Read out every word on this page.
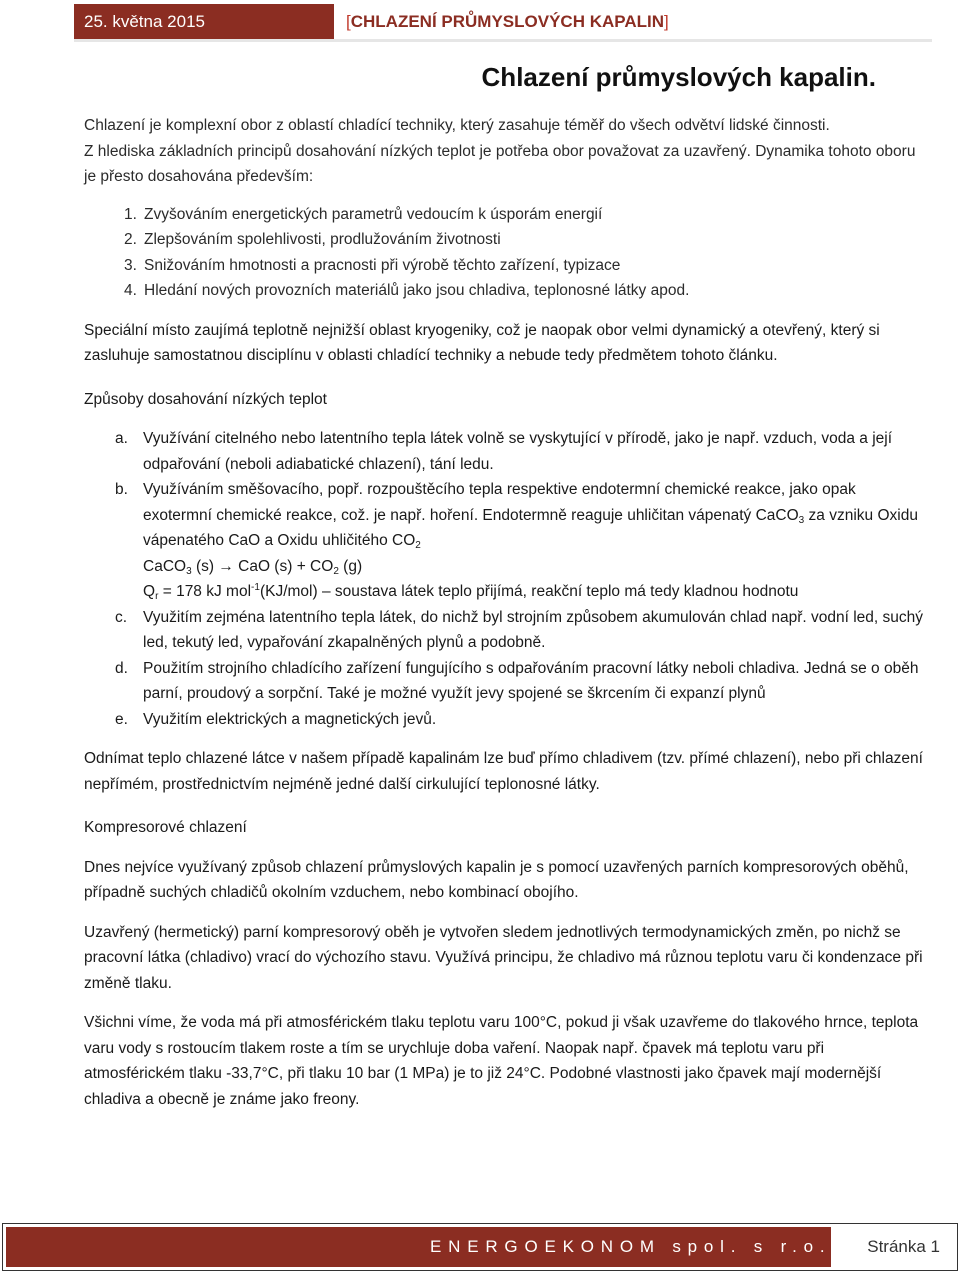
25. května 2015	[CHLAZENÍ PRŮMYSLOVÝCH KAPALIN]
Chlazení průmyslových kapalin.

Chlazení je komplexní obor z oblastí chladící techniky, který zasahuje téměř do všech odvětví lidské činnosti.

Z hlediska základních principů dosahování nízkých teplot je potřeba obor považovat za uzavřený. Dynamika tohoto oboru je přesto dosahována především:

1. Zvyšováním energetických parametrů vedoucím k úsporám energií
2. Zlepšováním spolehlivosti, prodlužováním životnosti
3. Snižováním hmotnosti a pracnosti při výrobě těchto zařízení, typizace
4. Hledání nových provozních materiálů jako jsou chladiva, teplonosné látky apod.

Speciální místo zaujímá teplotně nejnižší oblast kryogeniky, což je naopak obor velmi dynamický a otevřený, který si zasluhuje samostatnou disciplínu v oblasti chladící techniky a nebude tedy předmětem tohoto článku.

Způsoby dosahování nízkých teplot

a. Využívání citelného nebo latentního tepla látek volně se vyskytující v přírodě, jako je např. vzduch, voda a její odpařování (neboli adiabatické chlazení), tání ledu.
b. Využíváním směšovacího, popř. rozpouštěcího tepla respektive endotermní chemické reakce, jako opak exotermní chemické reakce, což. je např. hoření. Endotermně reaguje uhličitan vápenatý CaCO$_3$ za vzniku Oxidu vápenatého CaO a Oxidu uhličitého $CO_2$
CaCO$_3$ (s) → CaO $(s) + CO_2$ (g)
$Q_r = 178$ kJ mol$^{-1}$(KJ/mol) – soustava látek teplo přijímá, reakční teplo má tedy kladnou hodnotu
c.	Využitím zejména latentního tepla látek, do nichž byl strojním způsobem akumulován chlad např. vodní led, suchý led, tekutý led, vypařování zkapalněných plynů a podobně.
d. Použitím strojního chladícího zařízení fungujícího s odpařováním pracovní látky neboli chladiva. Jedná se o oběh parní, proudový a sorpční. Také je možné využít jevy spojené se škrcením či expanzí plynů
e. Využitím elektrických a magnetických jevů.

Odnímat teplo chlazené látce v našem případě kapalinám lze buď přímo chladivem (tzv. přímé chlazení), nebo při chlazení nepřímém, prostřednictvím nejméně jedné další cirkulující teplonosné látky.

Kompresorové chlazení

Dnes nejvíce využívaný způsob chlazení průmyslových kapalin je s pomocí uzavřených parních kompresorových oběhů, případně suchých chladičů okolním vzduchem, nebo kombinací obojího.

Uzavřený (hermetický) parní kompresorový oběh je vytvořen sledem jednotlivých termodynamických změn, po nichž se pracovní látka (chladivo) vrací do výchozího stavu. Využívá principu, že chladivo má různou teplotu varu či kondenzace při změně tlaku.

Všichni víme, že voda má při atmosférickém tlaku teplotu varu 100°C, pokud ji však uzavřeme do tlakového hrnce, teplota varu vody s rostoucím tlakem roste a tím se urychluje doba vaření. Naopak např. čpavek má teplotu varu při atmosférickém tlaku -33,7°C, při tlaku 10 bar (1 MPa) je to již 24°C. Podobné vlastnosti jako čpavek mají modernější chladiva a obecně je známe jako freony.

ENERGOEKONOM spol. s r.o.	Stránka 1
